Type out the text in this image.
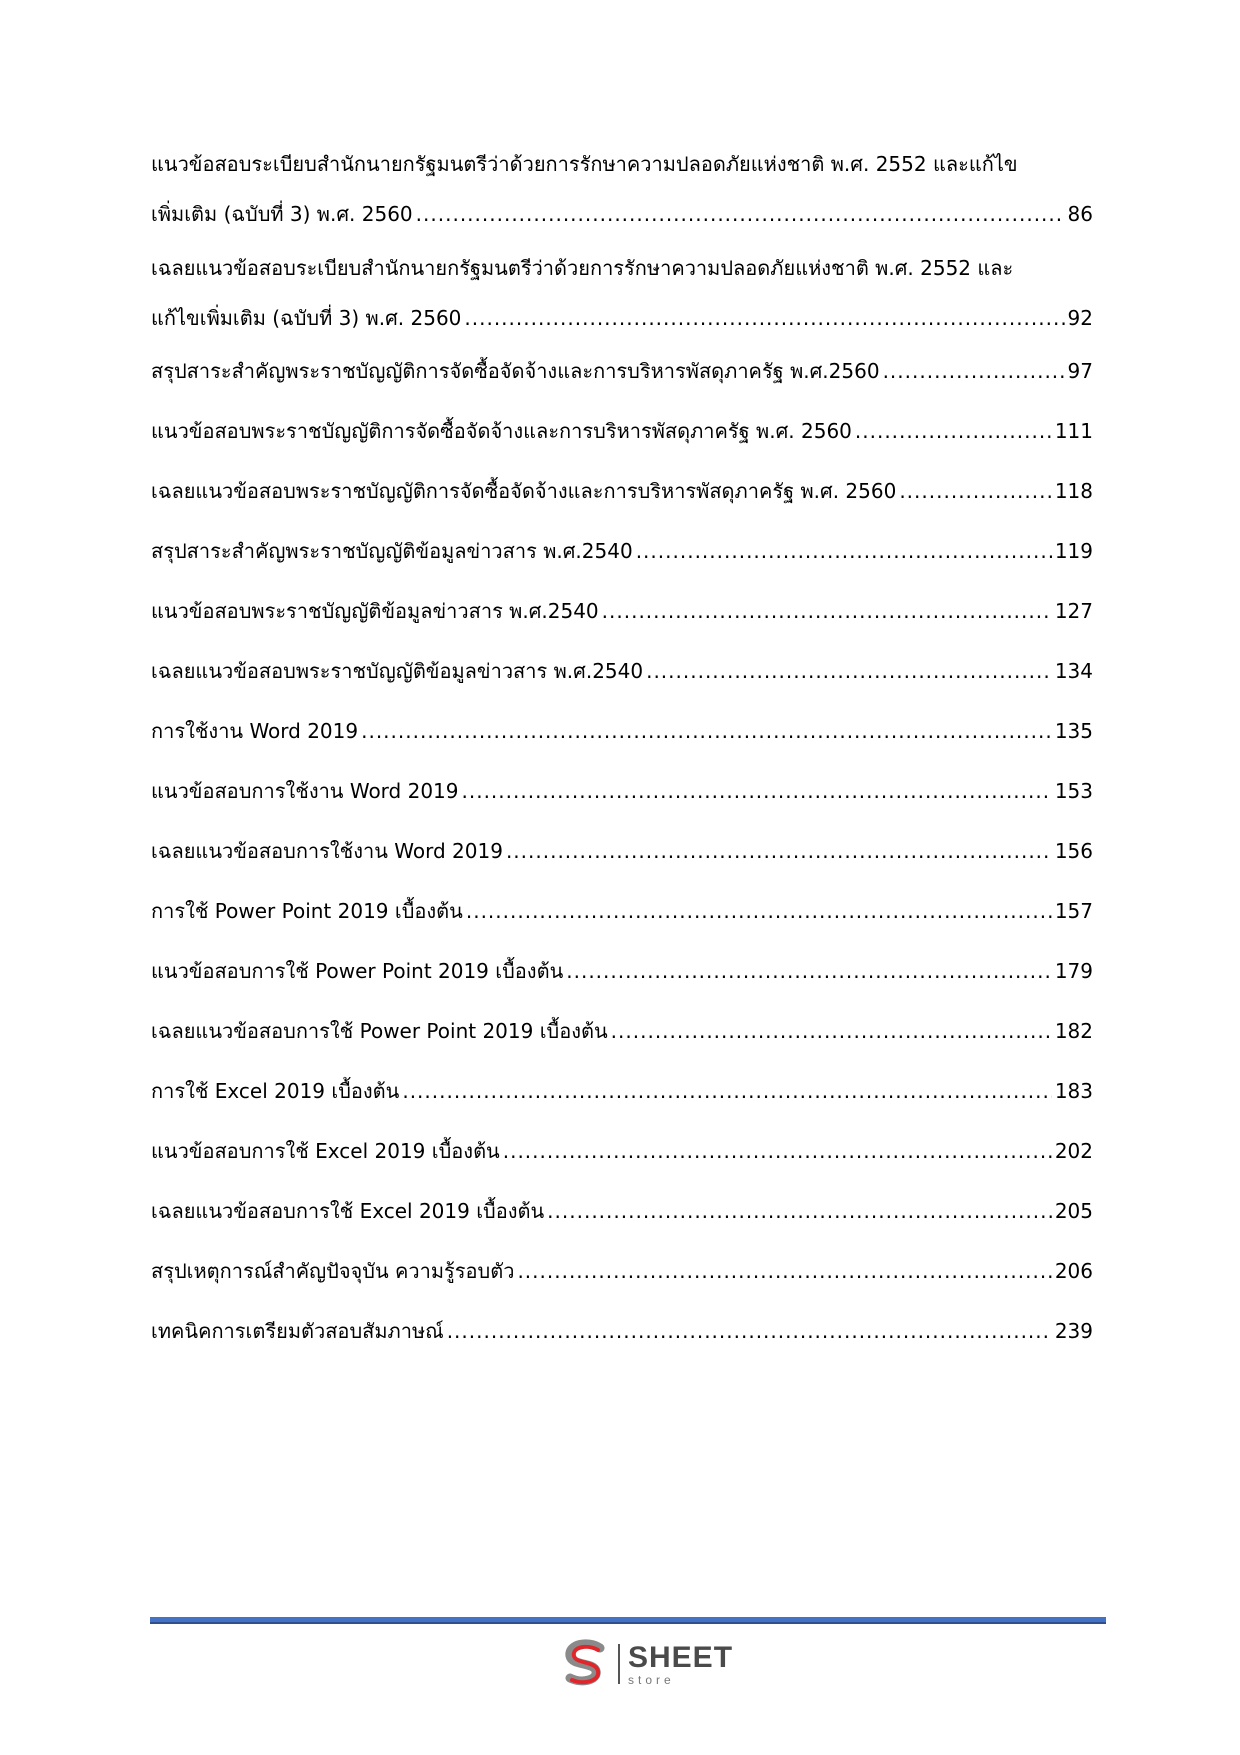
แนวข้อสอบระเบียบสำนักนายกรัฐมนตรีว่าด้วยการรักษาความปลอดภัยแห่งชาติ พ.ศ. 2552 และแก้ไข
เพิ่มเติม (ฉบับที่ 3) พ.ศ. 2560 .....	86
เฉลยแนวข้อสอบระเบียบสำนักนายกรัฐมนตรีว่าด้วยการรักษาความปลอดภัยแห่งชาติ พ.ศ. 2552 และ
แก้ไขเพิ่มเติม (ฉบับที่ 3) พ.ศ. 2560 .....	92
สรุปสาระสำคัญพระราชบัญญัติการจัดซื้อจัดจ้างและการบริหารพัสดุภาครัฐ พ.ศ.2560 .....	97
แนวข้อสอบพระราชบัญญัติการจัดซื้อจัดจ้างและการบริหารพัสดุภาครัฐ พ.ศ. 2560 .....	111
เฉลยแนวข้อสอบพระราชบัญญัติการจัดซื้อจัดจ้างและการบริหารพัสดุภาครัฐ พ.ศ. 2560 .....	118
สรุปสาระสำคัญพระราชบัญญัติข้อมูลข่าวสาร พ.ศ.2540 .....	119
แนวข้อสอบพระราชบัญญัติข้อมูลข่าวสาร พ.ศ.2540 .....	127
เฉลยแนวข้อสอบพระราชบัญญัติข้อมูลข่าวสาร พ.ศ.2540 .....	134
การใช้งาน Word 2019 .....	135
แนวข้อสอบการใช้งาน Word 2019 .....	153
เฉลยแนวข้อสอบการใช้งาน Word 2019 .....	156
การใช้ Power Point 2019 เบื้องต้น .....	157
แนวข้อสอบการใช้ Power Point 2019 เบื้องต้น .....	179
เฉลยแนวข้อสอบการใช้ Power Point 2019 เบื้องต้น .....	182
การใช้ Excel 2019 เบื้องต้น .....	183
แนวข้อสอบการใช้ Excel 2019 เบื้องต้น .....	202
เฉลยแนวข้อสอบการใช้ Excel 2019 เบื้องต้น .....	205
สรุปเหตุการณ์สำคัญปัจจุบัน ความรู้รอบตัว .....	206
เทคนิคการเตรียมตัวสอบสัมภาษณ์ .....	239
SHEET
store
